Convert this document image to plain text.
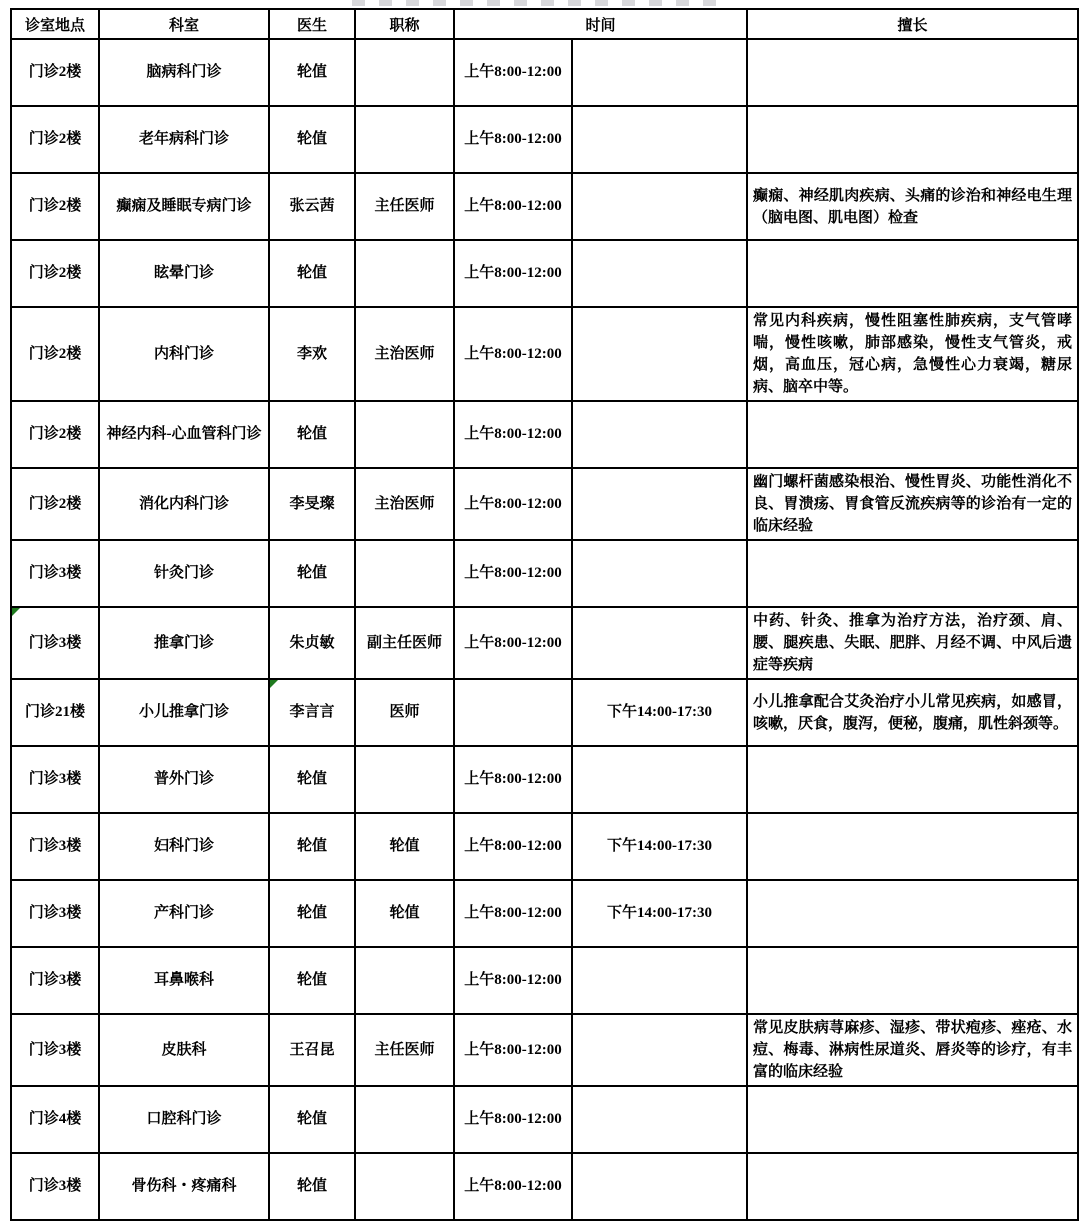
诊室地点	科室	医生	职称	时间		擅长
门诊2楼	脑病科门诊	轮值		上午8:00-12:00		
门诊2楼	老年病科门诊	轮值		上午8:00-12:00		
门诊2楼	癫痫及睡眠专病门诊	张云茜	主任医师	上午8:00-12:00		癫痫、神经肌肉疾病、头痛的诊治和神经电生理（脑电图、肌电图）检查
门诊2楼	眩晕门诊	轮值		上午8:00-12:00		
门诊2楼	内科门诊	李欢	主治医师	上午8:00-12:00		常见内科疾病，慢性阻塞性肺疾病，支气管哮喘，慢性咳嗽，肺部感染，慢性支气管炎，戒烟，高血压，冠心病，急慢性心力衰竭，糖尿病、脑卒中等。
门诊2楼	神经内科-心血管科门诊	轮值		上午8:00-12:00		
门诊2楼	消化内科门诊	李旻璨	主治医师	上午8:00-12:00		幽门螺杆菌感染根治、慢性胃炎、功能性消化不良、胃溃疡、胃食管反流疾病等的诊治有一定的临床经验
门诊3楼	针灸门诊	轮值		上午8:00-12:00		
门诊3楼	推拿门诊	朱贞敏	副主任医师	上午8:00-12:00		中药、针灸、推拿为治疗方法，治疗颈、肩、腰、腿疾患、失眠、肥胖、月经不调、中风后遗症等疾病
门诊21楼	小儿推拿门诊	李言言	医师		下午14:00-17:30	小儿推拿配合艾灸治疗小儿常见疾病，如感冒，咳嗽，厌食，腹泻，便秘，腹痛，肌性斜颈等。
门诊3楼	普外门诊	轮值		上午8:00-12:00		
门诊3楼	妇科门诊	轮值	轮值	上午8:00-12:00	下午14:00-17:30	
门诊3楼	产科门诊	轮值	轮值	上午8:00-12:00	下午14:00-17:30	
门诊3楼	耳鼻喉科	轮值		上午8:00-12:00		
门诊3楼	皮肤科	王召昆	主任医师	上午8:00-12:00		常见皮肤病荨麻疹、湿疹、带状疱疹、痤疮、水痘、梅毒、淋病性尿道炎、唇炎等的诊疗，有丰富的临床经验
门诊4楼	口腔科门诊	轮值		上午8:00-12:00		
门诊3楼	骨伤科・疼痛科	轮值		上午8:00-12:00		
